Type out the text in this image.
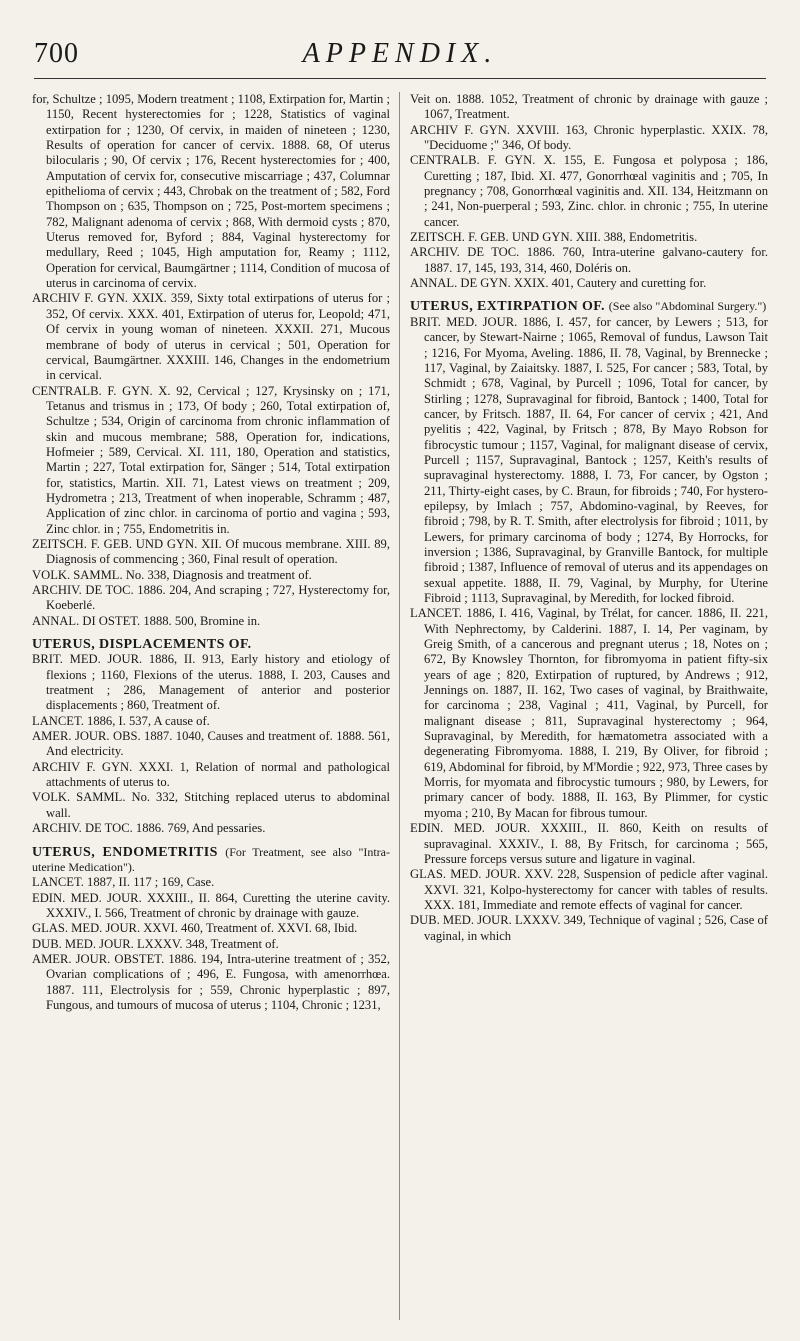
700	APPENDIX.

for, Schultze ; 1095, Modern treatment ; 1108, Extirpation for, Martin ; 1150, Recent hysterectomies for ; 1228, Statistics of vaginal extirpation for ; 1230, Of cervix, in maiden of nineteen ; 1230, Results of operation for cancer of cervix. 1888. 68, Of uterus bilocularis ; 90, Of cervix ; 176, Recent hysterectomies for ; 400, Amputation of cervix for, consecutive miscarriage ; 437, Columnar epithelioma of cervix ; 443, Chrobak on the treatment of ; 582, Ford Thompson on ; 635, Thompson on ; 725, Post-mortem specimens ; 782, Malignant adenoma of cervix ; 868, With dermoid cysts ; 870, Uterus removed for, Byford ; 884, Vaginal hysterectomy for medullary, Reed ; 1045, High amputation for, Reamy ; 1112, Operation for cervical, Baumgärtner ; 1114, Condition of mucosa of uterus in carcinoma of cervix.

ARCHIV F. GYN. XXIX. 359, Sixty total extirpations of uterus for ; 352, Of cervix. XXX. 401, Extirpation of uterus for, Leopold; 471, Of cervix in young woman of nineteen. XXXII. 271, Mucous membrane of body of uterus in cervical ; 501, Operation for cervical, Baumgärtner. XXXIII. 146, Changes in the endometrium in cervical.

CENTRALB. F. GYN. X. 92, Cervical ; 127, Krysinsky on ; 171, Tetanus and trismus in ; 173, Of body ; 260, Total extirpation of, Schultze ; 534, Origin of carcinoma from chronic inflammation of skin and mucous membrane; 588, Operation for, indications, Hofmeier ; 589, Cervical. XI. 111, 180, Operation and statistics, Martin ; 227, Total extirpation for, Sänger ; 514, Total extirpation for, statistics, Martin. XII. 71, Latest views on treatment ; 209, Hydrometra ; 213, Treatment of when inoperable, Schramm ; 487, Application of zinc chlor. in carcinoma of portio and vagina ; 593, Zinc chlor. in ; 755, Endometritis in.

ZEITSCH. F. GEB. UND GYN. XII. Of mucous membrane. XIII. 89, Diagnosis of commencing ; 360, Final result of operation.

VOLK. SAMML. No. 338, Diagnosis and treatment of.

ARCHIV. DE TOC. 1886. 204, And scraping ; 727, Hysterectomy for, Koeberlé.

ANNAL. DI OSTET. 1888. 500, Bromine in.

UTERUS, DISPLACEMENTS OF.

BRIT. MED. JOUR. 1886, II. 913, Early history and etiology of flexions ; 1160, Flexions of the uterus. 1888, I. 203, Causes and treatment ; 286, Management of anterior and posterior displacements ; 860, Treatment of.

LANCET. 1886, I. 537, A cause of.

AMER. JOUR. OBS. 1887. 1040, Causes and treatment of. 1888. 561, And electricity.

ARCHIV F. GYN. XXXI. 1, Relation of normal and pathological attachments of uterus to.

VOLK. SAMML. No. 332, Stitching replaced uterus to abdominal wall.

ARCHIV. DE TOC. 1886. 769, And pessaries.

UTERUS, ENDOMETRITIS (For Treatment, see also "Intra-uterine Medication").

LANCET. 1887, II. 117 ; 169, Case.

EDIN. MED. JOUR. XXXIII., II. 864, Curetting the uterine cavity. XXXIV., I. 566, Treatment of chronic by drainage with gauze.

GLAS. MED. JOUR. XXVI. 460, Treatment of. XXVI. 68, Ibid.

DUB. MED. JOUR. LXXXV. 348, Treatment of.

AMER. JOUR. OBSTET. 1886. 194, Intra-uterine treatment of ; 352, Ovarian complications of ; 496, E. Fungosa, with amenorrhœa. 1887. 111, Electrolysis for ; 559, Chronic hyperplastic ; 897, Fungous, and tumours of mucosa of uterus ; 1104, Chronic ; 1231,

Veit on. 1888. 1052, Treatment of chronic by drainage with gauze ; 1067, Treatment.

ARCHIV F. GYN. XXVIII. 163, Chronic hyperplastic. XXIX. 78, "Deciduome ;" 346, Of body.

CENTRALB. F. GYN. X. 155, E. Fungosa et polyposa ; 186, Curetting ; 187, Ibid. XI. 477, Gonorrhœal vaginitis and ; 705, In pregnancy ; 708, Gonorrhœal vaginitis and. XII. 134, Heitzmann on ; 241, Non-puerperal ; 593, Zinc. chlor. in chronic ; 755, In uterine cancer.

ZEITSCH. F. GEB. UND GYN. XIII. 388, Endometritis.

ARCHIV. DE TOC. 1886. 760, Intra-uterine galvano-cautery for. 1887. 17, 145, 193, 314, 460, Doléris on.

ANNAL. DE GYN. XXIX. 401, Cautery and curetting for.

UTERUS, EXTIRPATION OF. (See also "Abdominal Surgery.")

BRIT. MED. JOUR. 1886, I. 457, for cancer, by Lewers ; 513, for cancer, by Stewart-Nairne ; 1065, Removal of fundus, Lawson Tait ; 1216, For Myoma, Aveling. 1886, II. 78, Vaginal, by Brennecke ; 117, Vaginal, by Zaiaitsky. 1887, I. 525, For cancer ; 583, Total, by Schmidt ; 678, Vaginal, by Purcell ; 1096, Total for cancer, by Stirling ; 1278, Supravaginal for fibroid, Bantock ; 1400, Total for cancer, by Fritsch. 1887, II. 64, For cancer of cervix ; 421, And pyelitis ; 422, Vaginal, by Fritsch ; 878, By Mayo Robson for fibrocystic tumour ; 1157, Vaginal, for malignant disease of cervix, Purcell ; 1157, Supravaginal, Bantock ; 1257, Keith's results of supravaginal hysterectomy. 1888, I. 73, For cancer, by Ogston ; 211, Thirty-eight cases, by C. Braun, for fibroids ; 740, For hystero-epilepsy, by Imlach ; 757, Abdomino-vaginal, by Reeves, for fibroid ; 798, by R. T. Smith, after electrolysis for fibroid ; 1011, by Lewers, for primary carcinoma of body ; 1274, By Horrocks, for inversion ; 1386, Supravaginal, by Granville Bantock, for multiple fibroid ; 1387, Influence of removal of uterus and its appendages on sexual appetite. 1888, II. 79, Vaginal, by Murphy, for Uterine Fibroid ; 1113, Supravaginal, by Meredith, for locked fibroid.

LANCET. 1886, I. 416, Vaginal, by Trélat, for cancer. 1886, II. 221, With Nephrectomy, by Calderini. 1887, I. 14, Per vaginam, by Greig Smith, of a cancerous and pregnant uterus ; 18, Notes on ; 672, By Knowsley Thornton, for fibromyoma in patient fifty-six years of age ; 820, Extirpation of ruptured, by Andrews ; 912, Jennings on. 1887, II. 162, Two cases of vaginal, by Braithwaite, for carcinoma ; 238, Vaginal ; 411, Vaginal, by Purcell, for malignant disease ; 811, Supravaginal hysterectomy ; 964, Supravaginal, by Meredith, for hæmatometra associated with a degenerating Fibromyoma. 1888, I. 219, By Oliver, for fibroid ; 619, Abdominal for fibroid, by M'Mordie ; 922, 973, Three cases by Morris, for myomata and fibrocystic tumours ; 980, by Lewers, for primary cancer of body. 1888, II. 163, By Plimmer, for cystic myoma ; 210, By Macan for fibrous tumour.

EDIN. MED. JOUR. XXXIII., II. 860, Keith on results of supravaginal. XXXIV., I. 88, By Fritsch, for carcinoma ; 565, Pressure forceps versus suture and ligature in vaginal.

GLAS. MED. JOUR. XXV. 228, Suspension of pedicle after vaginal. XXVI. 321, Kolpo-hysterectomy for cancer with tables of results. XXX. 181, Immediate and remote effects of vaginal for cancer.

DUB. MED. JOUR. LXXXV. 349, Technique of vaginal ; 526, Case of vaginal, in which
